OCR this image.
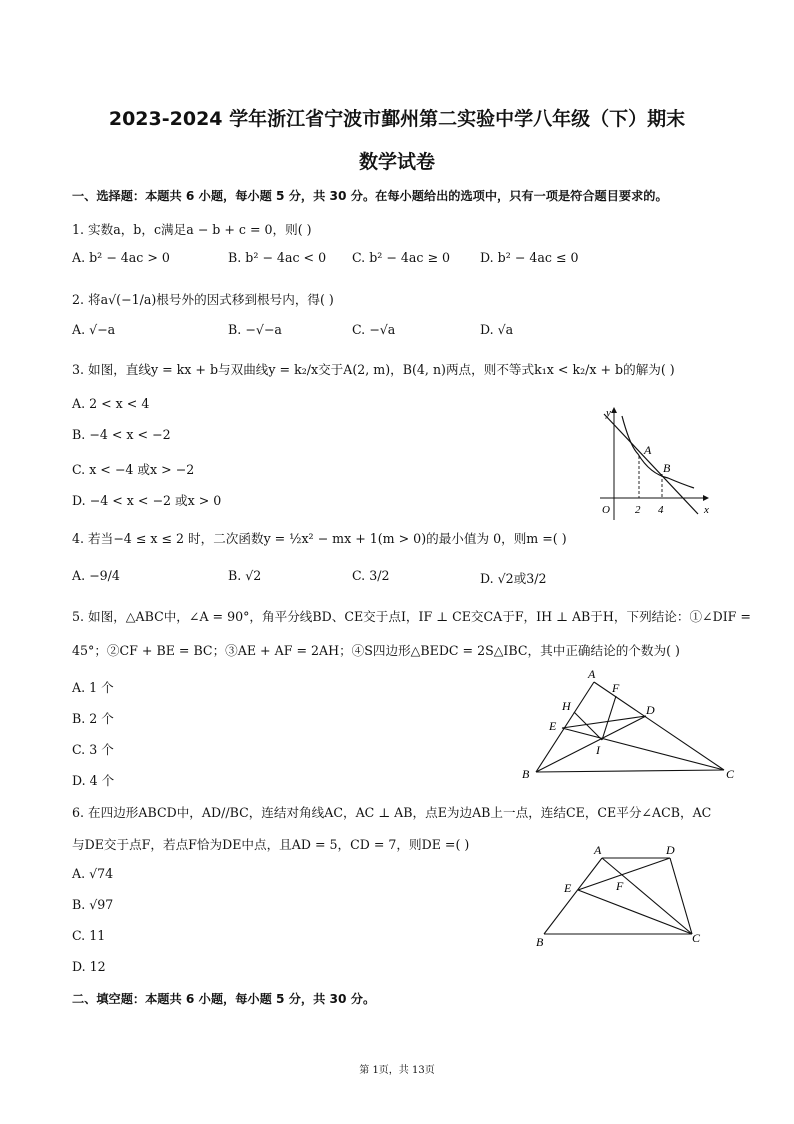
2023-2024 学年浙江省宁波市鄞州第二实验中学八年级（下）期末
数学试卷
一、选择题：本题共 6 小题，每小题 5 分，共 30 分。在每小题给出的选项中，只有一项是符合题目要求的。
1. 实数a，b，c满足a − b + c = 0，则( )
A. b² − 4ac > 0	B. b² − 4ac < 0 C. b² − 4ac ≥ 0 D. b² − 4ac ≤ 0
2. 将a√(−1/a)根号外的因式移到根号内，得( )
A. √−a	B. −√−a	C. −√a	D. √a
3. 如图，直线y = kx + b与双曲线y = k₂/x交于A(2, m)，B(4, n)两点，则不等式k₁x < k₂/x + b的解为( )
A. 2 < x < 4
B. −4 < x < −2
C. x < −4 或x > −2
D. −4 < x < −2 或x > 0
y
x
O
A
B
2 4
4. 若当−4 ≤ x ≤ 2 时，二次函数y = ½x² − mx + 1(m > 0)的最小值为 0，则m =( )
A. −9/4	B. √2	C. 3/2	D. √2或3/2
5. 如图，△ABC中，∠A = 90°，角平分线BD、CE交于点I，IF ⊥ CE交CA于F，IH ⊥ AB于H，下列结论：①∠DIF =
45°；②CF + BE = BC；③AE + AF = 2AH；④S四边形△BEDC = 2S△IBC，其中正确结论的个数为( )
A. 1 个
B. 2 个
C. 3 个
D. 4 个
A
F
H	D
E
I
B	C
6. 在四边形ABCD中，AD//BC，连结对角线AC，AC ⊥ AB，点E为边AB上一点，连结CE，CE平分∠ACB，AC
与DE交于点F，若点F恰为DE中点，且AD = 5，CD = 7，则DE =( )
A. √74
B. √97
C. 11
D. 12
A	D
E	F
B	C
二、填空题：本题共 6 小题，每小题 5 分，共 30 分。
第 1页，共 13页
